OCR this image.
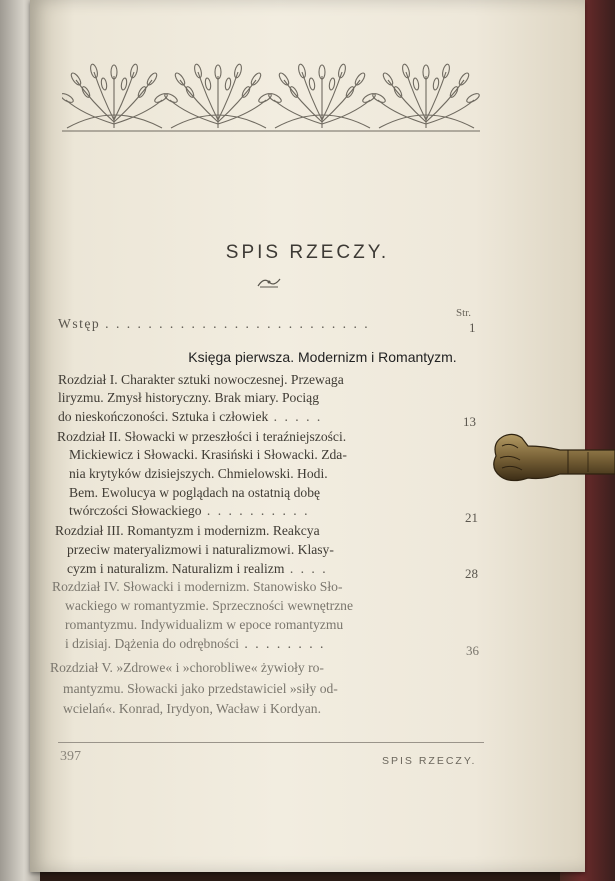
SPIS RZECZY.
Str.
Wstęp . . . . . . . . . . . . . . . . . . . . . . . . .	1
Księga pierwsza. Modernizm i Romantyzm.
Rozdział I. Charakter sztuki nowoczesnej. Przewaga
liryzmu. Zmysł historyczny. Brak miary. Pociąg
do nieskończoności. Sztuka i człowiek . . . . .	13
Rozdział II. Słowacki w przeszłości i teraźniejszości.
Mickiewicz i Słowacki. Krasiński i Słowacki. Zda-
nia krytyków dzisiejszych. Chmielowski. Hodi.
Bem. Ewolucya w poglądach na ostatnią dobę
twórczości Słowackiego . . . . . . . . . .	21
Rozdział III. Romantyzm i modernizm. Reakcya
przeciw materyalizmowi i naturalizmowi. Klasy-
cyzm i naturalizm. Naturalizm i realizm . . . .	28
Rozdział IV. Słowacki i modernizm. Stanowisko Sło-
wackiego w romantyzmie. Sprzeczności wewnętrzne
romantyzmu. Indywidualizm w epoce romantyzmu
i dzisiaj. Dążenia do odrębności . . . . . . . .	36
Rozdział V. »Zdrowe« i »chorobliwe« żywioły ro-
mantyzmu. Słowacki jako przedstawiciel »siły od-
wcielań«. Konrad, Irydyon, Wacław i Kordyan.
397	SPIS RZECZY.
